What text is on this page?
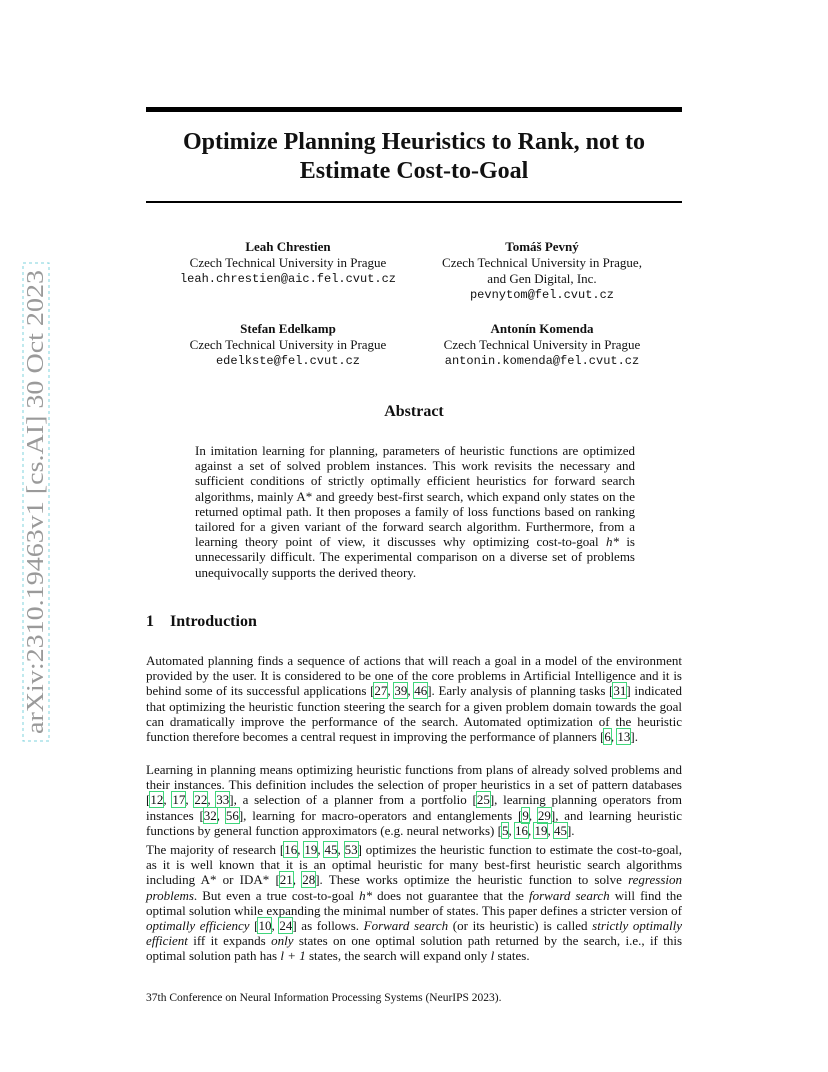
arXiv:2310.19463v1 [cs.AI] 30 Oct 2023
Optimize Planning Heuristics to Rank, not to
Estimate Cost-to-Goal
Leah Chrestien
Czech Technical University in Prague
leah.chrestien@aic.fel.cvut.cz
Tomáš Pevný
Czech Technical University in Prague,
and Gen Digital, Inc.
pevnytom@fel.cvut.cz
Stefan Edelkamp
Czech Technical University in Prague
edelkste@fel.cvut.cz
Antonín Komenda
Czech Technical University in Prague
antonin.komenda@fel.cvut.cz
Abstract
In imitation learning for planning, parameters of heuristic functions are optimized against a set of solved problem instances. This work revisits the necessary and sufficient conditions of strictly optimally efficient heuristics for forward search algorithms, mainly A* and greedy best-first search, which expand only states on the returned optimal path. It then proposes a family of loss functions based on ranking tailored for a given variant of the forward search algorithm. Furthermore, from a learning theory point of view, it discusses why optimizing cost-to-goal h* is unnecessarily difficult. The experimental comparison on a diverse set of problems unequivocally supports the derived theory.
1 Introduction
Automated planning finds a sequence of actions that will reach a goal in a model of the environment provided by the user. It is considered to be one of the core problems in Artificial Intelligence and it is behind some of its successful applications [27, 39, 46]. Early analysis of planning tasks [31] indicated that optimizing the heuristic function steering the search for a given problem domain towards the goal can dramatically improve the performance of the search. Automated optimization of the heuristic function therefore becomes a central request in improving the performance of planners [6, 13].
Learning in planning means optimizing heuristic functions from plans of already solved problems and their instances. This definition includes the selection of proper heuristics in a set of pattern databases [12, 17, 22, 33], a selection of a planner from a portfolio [25], learning planning operators from instances [32, 56], learning for macro-operators and entanglements [9, 29], and learning heuristic functions by general function approximators (e.g. neural networks) [5, 16, 19, 45].
The majority of research [16, 19, 45, 53] optimizes the heuristic function to estimate the cost-to-goal, as it is well known that it is an optimal heuristic for many best-first heuristic search algorithms including A* or IDA* [21, 28]. These works optimize the heuristic function to solve regression problems. But even a true cost-to-goal h* does not guarantee that the forward search will find the optimal solution while expanding the minimal number of states. This paper defines a stricter version of optimally efficiency [10, 24] as follows. Forward search (or its heuristic) is called strictly optimally efficient iff it expands only states on one optimal solution path returned by the search, i.e., if this optimal solution path has l + 1 states, the search will expand only l states.
37th Conference on Neural Information Processing Systems (NeurIPS 2023).
